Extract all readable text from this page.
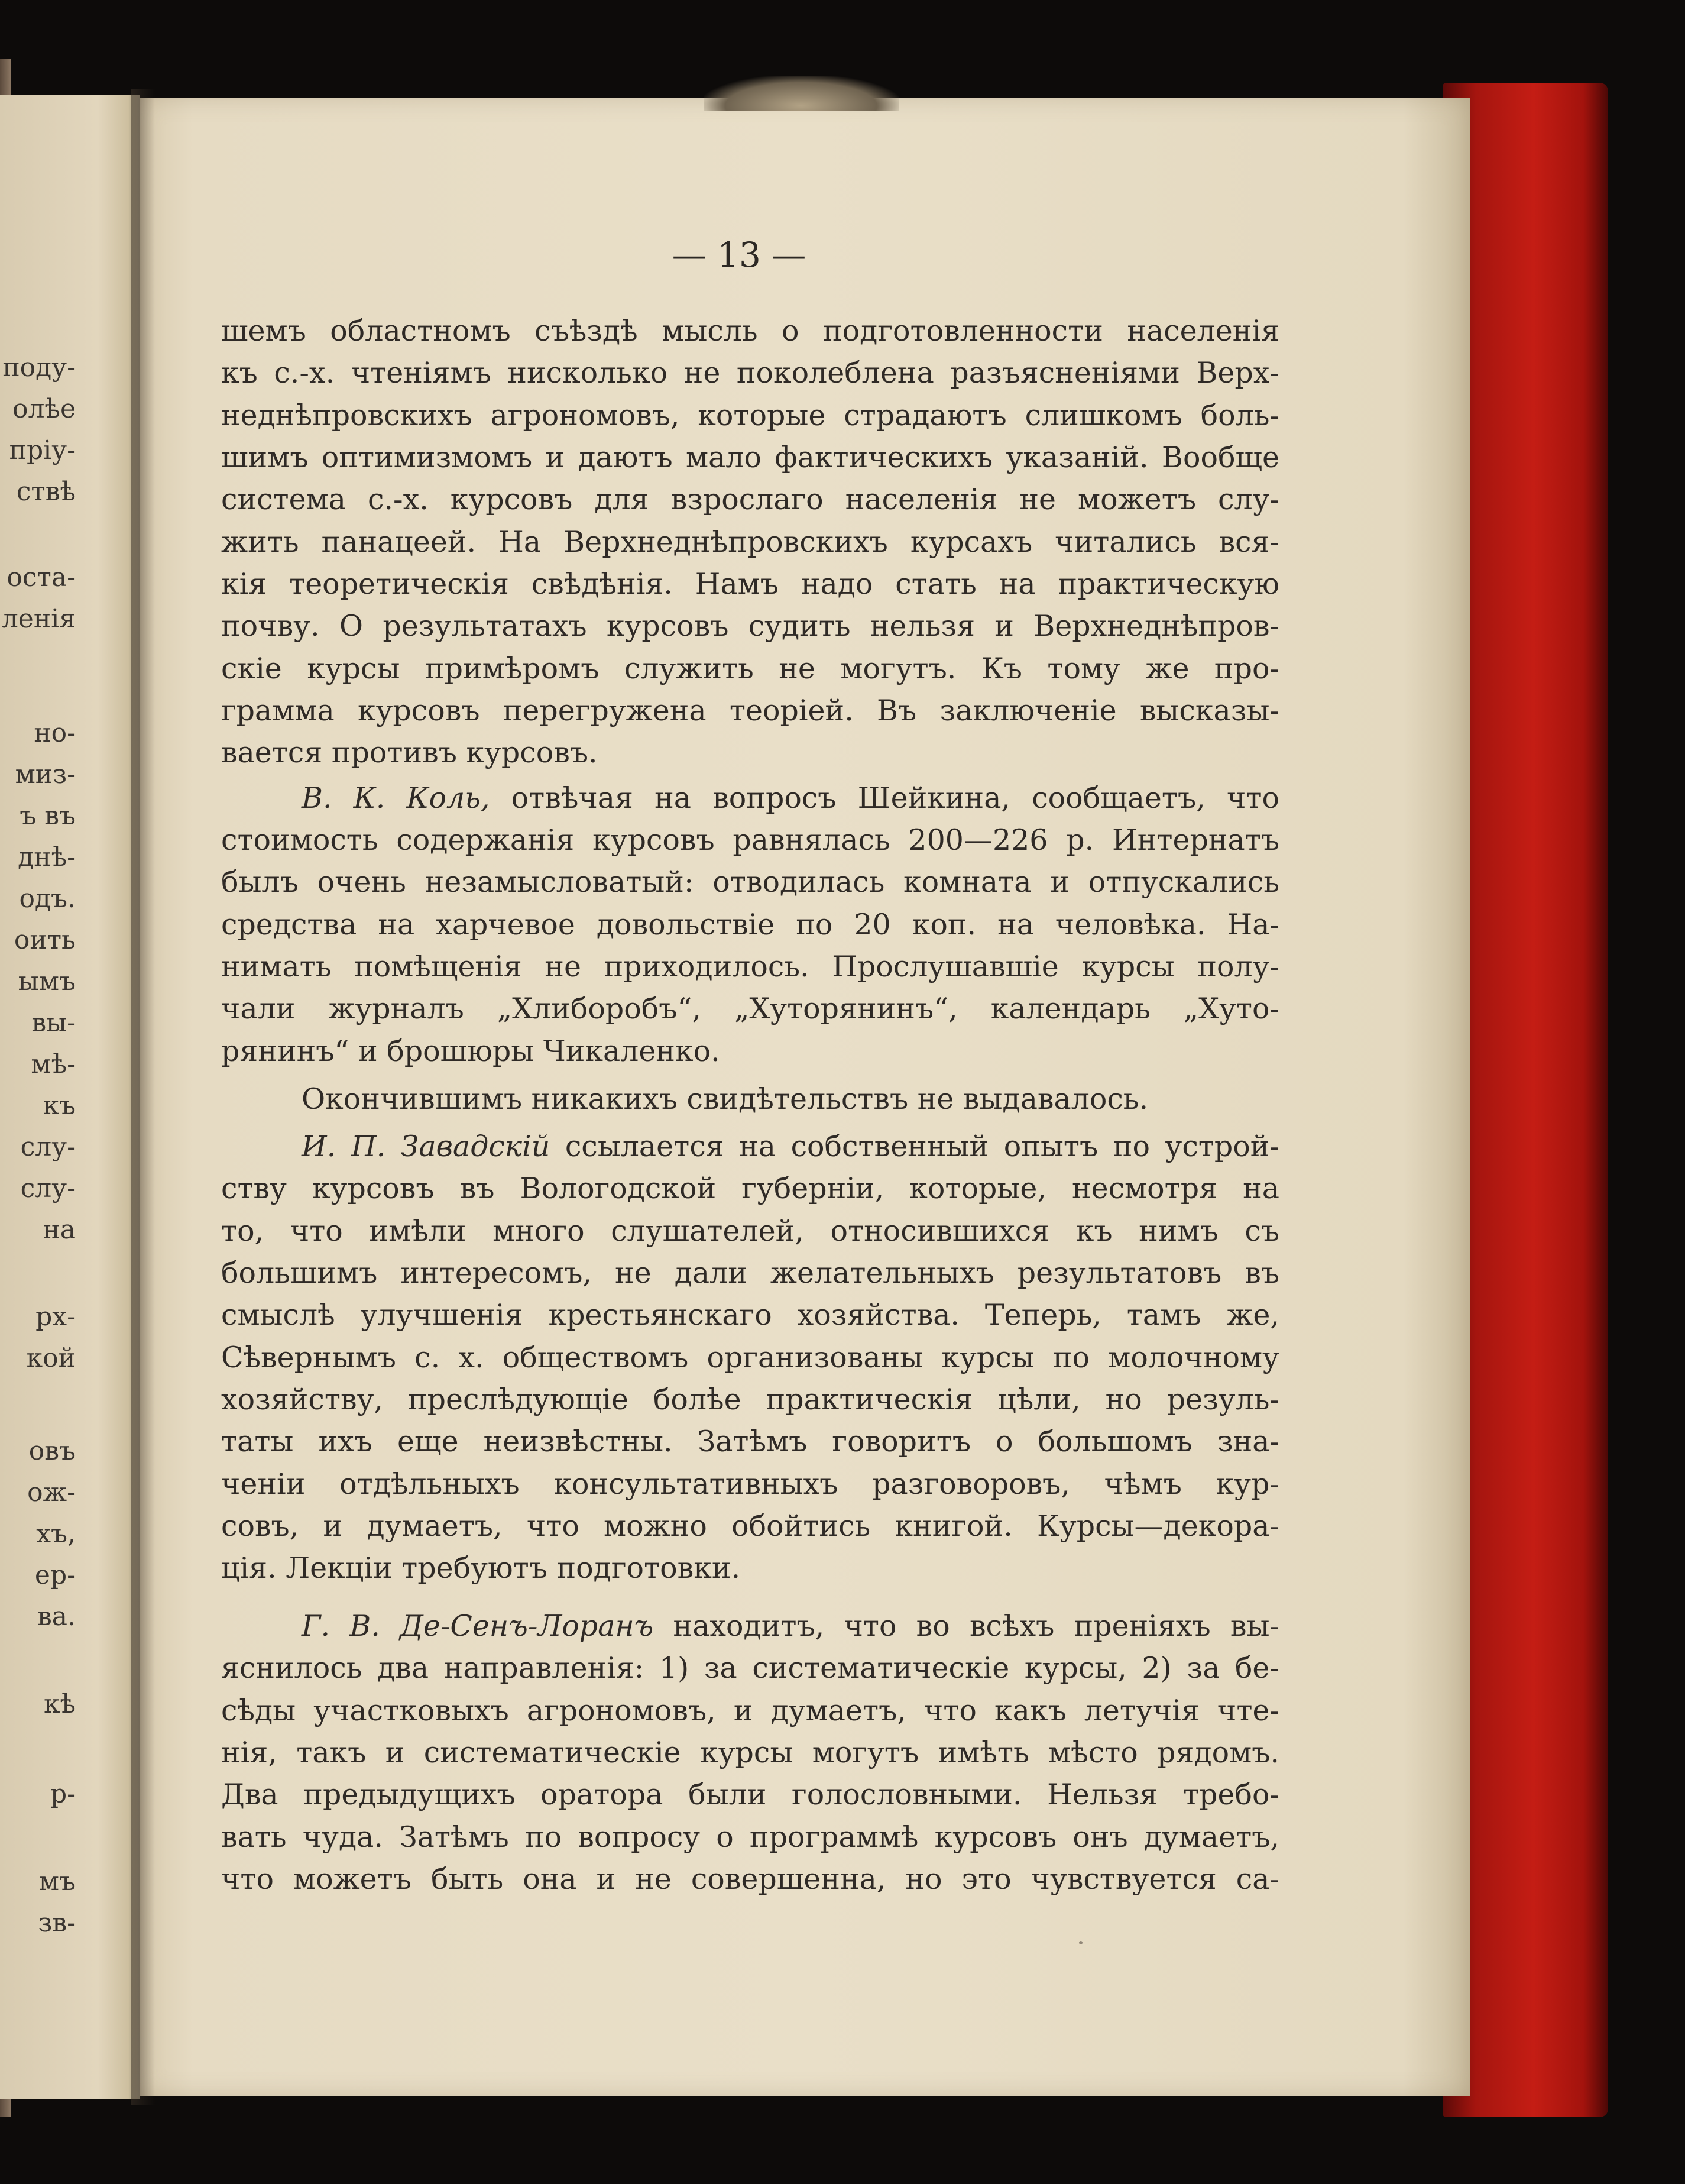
поду-

олѣе

пріу-

ствѣ

оста-

ленія

но-

миз-

ъ въ

днѣ-

одъ.

оить

ымъ

вы-

мѣ-

къ

слу-

слу-

на

рх-

кой

овъ

ож-

хъ,

ер-

ва.

кѣ

р-

мъ

зв-

— 13 —

шемъ областномъ съѣздѣ мысль о подготовленности населенія

къ с.-х. чтеніямъ нисколько не поколеблена разъясненіями Верх-

неднѣпровскихъ агрономовъ, которые страдаютъ слишкомъ боль-

шимъ оптимизмомъ и даютъ мало фактическихъ указаній. Вообще

система с.-х. курсовъ для взрослаго населенія не можетъ слу-

жить панацеей. На Верхнеднѣпровскихъ курсахъ читались вся-

кія теоретическія свѣдѣнія. Намъ надо стать на практическую

почву. О результатахъ курсовъ судить нельзя и Верхнеднѣпров-

скіе курсы примѣромъ служить не могутъ. Къ тому же про-

грамма курсовъ перегружена теоріей. Въ заключеніе высказы-

вается противъ курсовъ.

В. К. Коль, отвѣчая на вопросъ Шейкина, сообщаетъ, что

стоимость содержанія курсовъ равнялась 200—226 р. Интернатъ

былъ очень незамысловатый: отводилась комната и отпускались

средства на харчевое довольствіе по 20 коп. на человѣка. На-

нимать помѣщенія не приходилось. Прослушавшіе курсы полу-

чали журналъ „Хлиборобъ“, „Хуторянинъ“, календарь „Хуто-

рянинъ“ и брошюры Чикаленко.

Окончившимъ никакихъ свидѣтельствъ не выдавалось.

И. П. Завадскій ссылается на собственный опытъ по устрой-

ству курсовъ въ Вологодской губерніи, которые, несмотря на

то, что имѣли много слушателей, относившихся къ нимъ съ

большимъ интересомъ, не дали желательныхъ результатовъ въ

смыслѣ улучшенія крестьянскаго хозяйства. Теперь, тамъ же,

Сѣвернымъ с. х. обществомъ организованы курсы по молочному

хозяйству, преслѣдующіе болѣе практическія цѣли, но резуль-

таты ихъ еще неизвѣстны. Затѣмъ говоритъ о большомъ зна-

ченіи отдѣльныхъ консультативныхъ разговоровъ, чѣмъ кур-

совъ, и думаетъ, что можно обойтись книгой. Курсы—декора-

ція. Лекціи требуютъ подготовки.

Г. В. Де-Сенъ-Лоранъ находитъ, что во всѣхъ преніяхъ вы-

яснилось два направленія: 1) за систематическіе курсы, 2) за бе-

сѣды участковыхъ агрономовъ, и думаетъ, что какъ летучія чте-

нія, такъ и систематическіе курсы могутъ имѣть мѣсто рядомъ.

Два предыдущихъ оратора были голословными. Нельзя требо-

вать чуда. Затѣмъ по вопросу о программѣ курсовъ онъ думаетъ,

что можетъ быть она и не совершенна, но это чувствуется са-
